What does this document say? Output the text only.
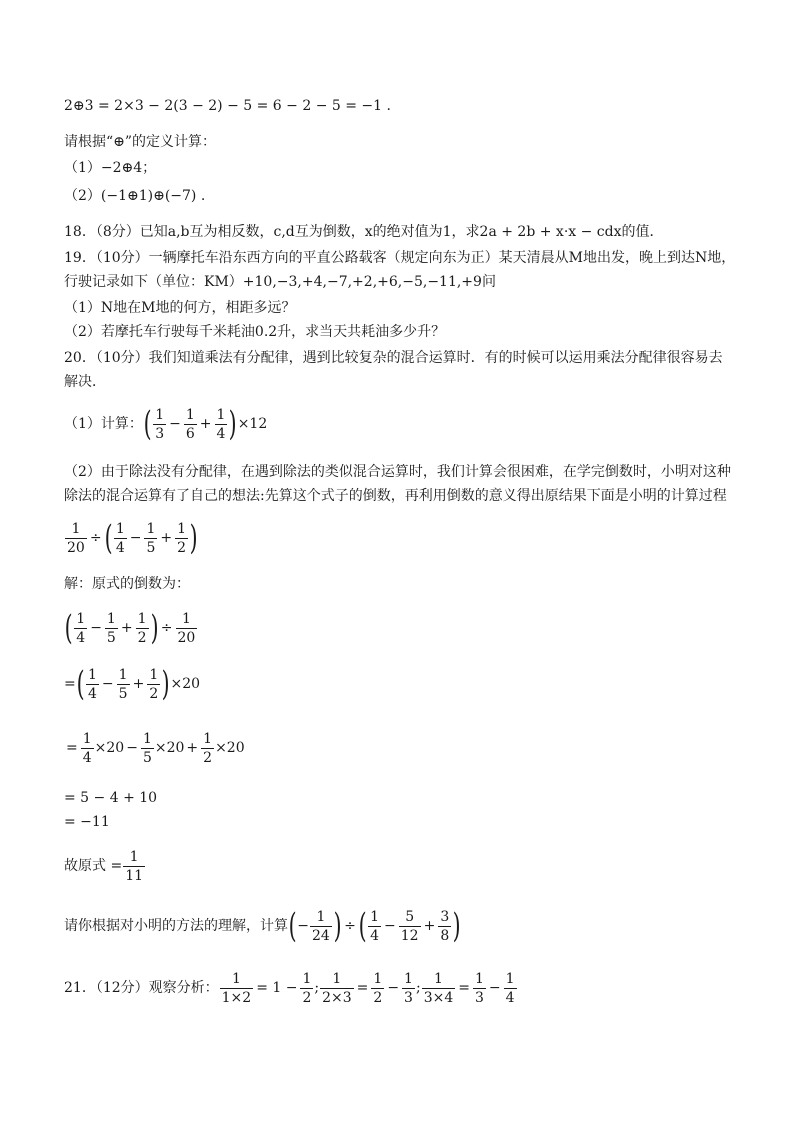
2⊕3 = 2×3 − 2(3 − 2) − 5 = 6 − 2 − 5 = −1 .
请根据“⊕”的定义计算：
（1）−2⊕4；
（2）(−1⊕1)⊕(−7) .
18．（8分）已知a,b互为相反数，c,d互为倒数，x的绝对值为1，求2a + 2b + x·x − cdx的值．
19．（10分）一辆摩托车沿东西方向的平直公路载客（规定向东为正）某天清晨从M地出发，晚上到达N地，
行驶记录如下（单位：KM）+10,−3,+4,−7,+2,+6,−5,−11,+9问
（1）N地在M地的何方，相距多远？
（2）若摩托车行驶每千米耗油0.2升，求当天共耗油多少升？
20．（10分）我们知道乘法有分配律，遇到比较复杂的混合运算时．有的时候可以运用乘法分配律很容易去解决．
（1）计算：( $\frac{1}{3} - \frac{1}{6} + \frac{1}{4} )\times 12$
（2）由于除法没有分配律，在遇到除法的类似混合运算时，我们计算会很困难，在学完倒数时，小明对这种除法的混合运算有了自己的想法:先算这个式子的倒数，再利用倒数的意义得出原结果下面是小明的计算过程
$\frac{1}{20}$ ÷( $\frac{1}{4} - \frac{1}{5} + \frac{1}{2}$ )
解：原式的倒数为：
( $\frac{1}{4} - \frac{1}{5} + \frac{1}{2}$ ) ÷ $\frac{1}{20}$
=( $\frac{1}{4} - \frac{1}{5} + \frac{1}{2} )\times 20$
= $\frac{1}{4} \times 20 - \frac{1}{5} \times 20 + \frac{1}{2} \times 20$
= 5 − 4 + 10
= −11
故原式 = $\frac{1}{11}$
请你根据对小明的方法的理解，计算(− $\frac{1}{24}$ ) ÷( $\frac{1}{4} - \frac{5}{12} + \frac{3}{8}$ )
21．（12分）观察分析： $\frac{1}{1\times 2} = 1 - \frac{1}{2}$ ; $\frac{1}{2\times 3} = \frac{1}{2} - \frac{1}{3}$ ; $\frac{1}{3\times 4} = \frac{1}{3} - \frac{1}{4}$
